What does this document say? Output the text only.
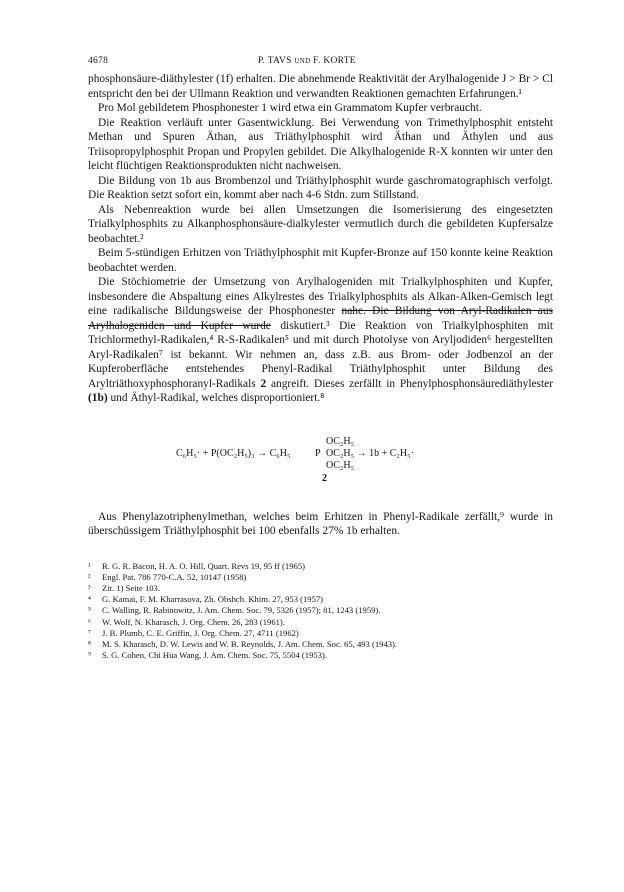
4678	P. TAVS und F. KORTE

phosphonsäure-diäthylester (1f) erhalten. Die abnehmende Reaktivität der Arylhalogenide J > Br > Cl entspricht den bei der Ullmann Reaktion und verwandten Reaktionen gemachten Erfahrungen.¹

Pro Mol gebildetem Phosphonester 1 wird etwa ein Grammatom Kupfer verbraucht.

Die Reaktion verläuft unter Gasentwicklung. Bei Verwendung von Trimethylphosphit entsteht Methan und Spuren Äthan, aus Triäthylphosphit wird Äthan und Äthylen und aus Triisopropylphosphit Propan und Propylen gebildet. Die Alkylhalogenide R-X konnten wir unter den leicht flüchtigen Reaktionsprodukten nicht nachweisen.

Die Bildung von 1b aus Brombenzol und Triäthylphosphit wurde gaschromatographisch verfolgt. Die Reaktion setzt sofort ein, kommt aber nach 4-6 Stdn. zum Stillstand.

Als Nebenreaktion wurde bei allen Umsetzungen die Isomerisierung des eingesetzten Trialkylphosphits zu Alkanphosphonsäure-dialkylester vermutlich durch die gebildeten Kupfersalze beobachtet.²

Beim 5-stündigen Erhitzen von Triäthylphosphit mit Kupfer-Bronze auf 150 konnte keine Reaktion beobachtet werden.

Die Stöchiometrie der Umsetzung von Arylhalogeniden mit Trialkylphosphiten und Kupfer, insbesondere die Abspaltung eines Alkylrestes des Trialkylphosphits als Alkan-Alken-Gemisch legt eine radikalische Bildungsweise der Phosphonester nahe. Die Bildung von Aryl-Radikalen aus Arylhalogeniden und Kupfer wurde diskutiert.³ Die Reaktion von Trialkylphosphiten mit Trichlormethyl-Radikalen,⁴ R-S-Radikalen⁵ und mit durch Photolyse von Aryljodiden⁶ hergestellten Aryl-Radikalen⁷ ist bekannt. Wir nehmen an, dass z.B. aus Brom- oder Jodbenzol an der Kupferoberfläche entstehendes Phenyl-Radikal Triäthylphosphit unter Bildung des Aryltriäthoxyphosphoranyl-Radikals 2 angreift. Dieses zerfällt in Phenylphosphonsäurediäthylester (1b) und Äthyl-Radikal, welches disproportioniert.⁸

C₆H₅· + P(OC₂H₅)₃ → C₆H₅ P
OC₂H₅
OC₂H₅ → 1b + C₂H₅·
OC₂H₅
2

Aus Phenylazotriphenylmethan, welches beim Erhitzen in Phenyl-Radikale zerfällt,⁹ wurde in überschüssigem Triäthylphosphit bei 100 ebenfalls 27% 1b erhalten.

¹ R. G. R. Bacon, H. A. O. Hill, Quart. Revs 19, 95 ff (1965)
² Engl. Pat. 786 770-C.A. 52, 10147 (1958)
³ Zit. 1) Seite 103.
⁴ G. Kamai, F. M. Kharrasova, Zh. Obshch. Khim. 27, 953 (1957)
⁵ C. Walling, R. Rabinowitz, J. Am. Chem. Soc. 79, 5326 (1957); 81, 1243 (1959).
⁶ W. Wolf, N. Kharasch, J. Org. Chem. 26, 283 (1961).
⁷ J. B. Plumb, C. E. Griffin, J. Org. Chem. 27, 4711 (1962)
⁸ M. S. Kharasch, D. W. Lewis and W. B. Reynolds, J. Am. Chem. Soc. 65, 493 (1943).
⁹ S. G. Cohen, Chi Hua Wang, J. Am. Chem. Soc. 75, 5504 (1953).
